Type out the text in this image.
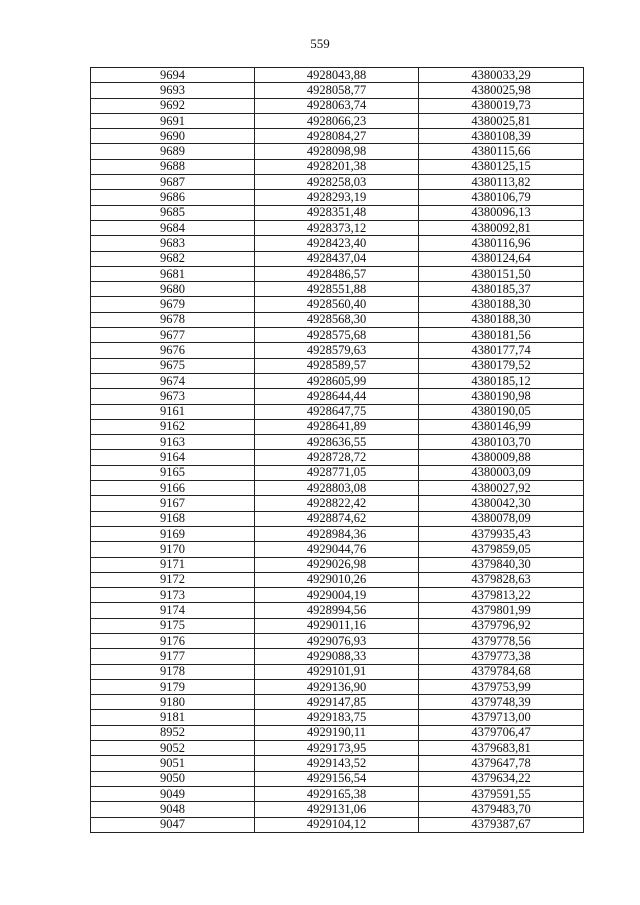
559
9694	4928043,88	4380033,29
9693	4928058,77	4380025,98
9692	4928063,74	4380019,73
9691	4928066,23	4380025,81
9690	4928084,27	4380108,39
9689	4928098,98	4380115,66
9688	4928201,38	4380125,15
9687	4928258,03	4380113,82
9686	4928293,19	4380106,79
9685	4928351,48	4380096,13
9684	4928373,12	4380092,81
9683	4928423,40	4380116,96
9682	4928437,04	4380124,64
9681	4928486,57	4380151,50
9680	4928551,88	4380185,37
9679	4928560,40	4380188,30
9678	4928568,30	4380188,30
9677	4928575,68	4380181,56
9676	4928579,63	4380177,74
9675	4928589,57	4380179,52
9674	4928605,99	4380185,12
9673	4928644,44	4380190,98
9161	4928647,75	4380190,05
9162	4928641,89	4380146,99
9163	4928636,55	4380103,70
9164	4928728,72	4380009,88
9165	4928771,05	4380003,09
9166	4928803,08	4380027,92
9167	4928822,42	4380042,30
9168	4928874,62	4380078,09
9169	4928984,36	4379935,43
9170	4929044,76	4379859,05
9171	4929026,98	4379840,30
9172	4929010,26	4379828,63
9173	4929004,19	4379813,22
9174	4928994,56	4379801,99
9175	4929011,16	4379796,92
9176	4929076,93	4379778,56
9177	4929088,33	4379773,38
9178	4929101,91	4379784,68
9179	4929136,90	4379753,99
9180	4929147,85	4379748,39
9181	4929183,75	4379713,00
8952	4929190,11	4379706,47
9052	4929173,95	4379683,81
9051	4929143,52	4379647,78
9050	4929156,54	4379634,22
9049	4929165,38	4379591,55
9048	4929131,06	4379483,70
9047	4929104,12	4379387,67
